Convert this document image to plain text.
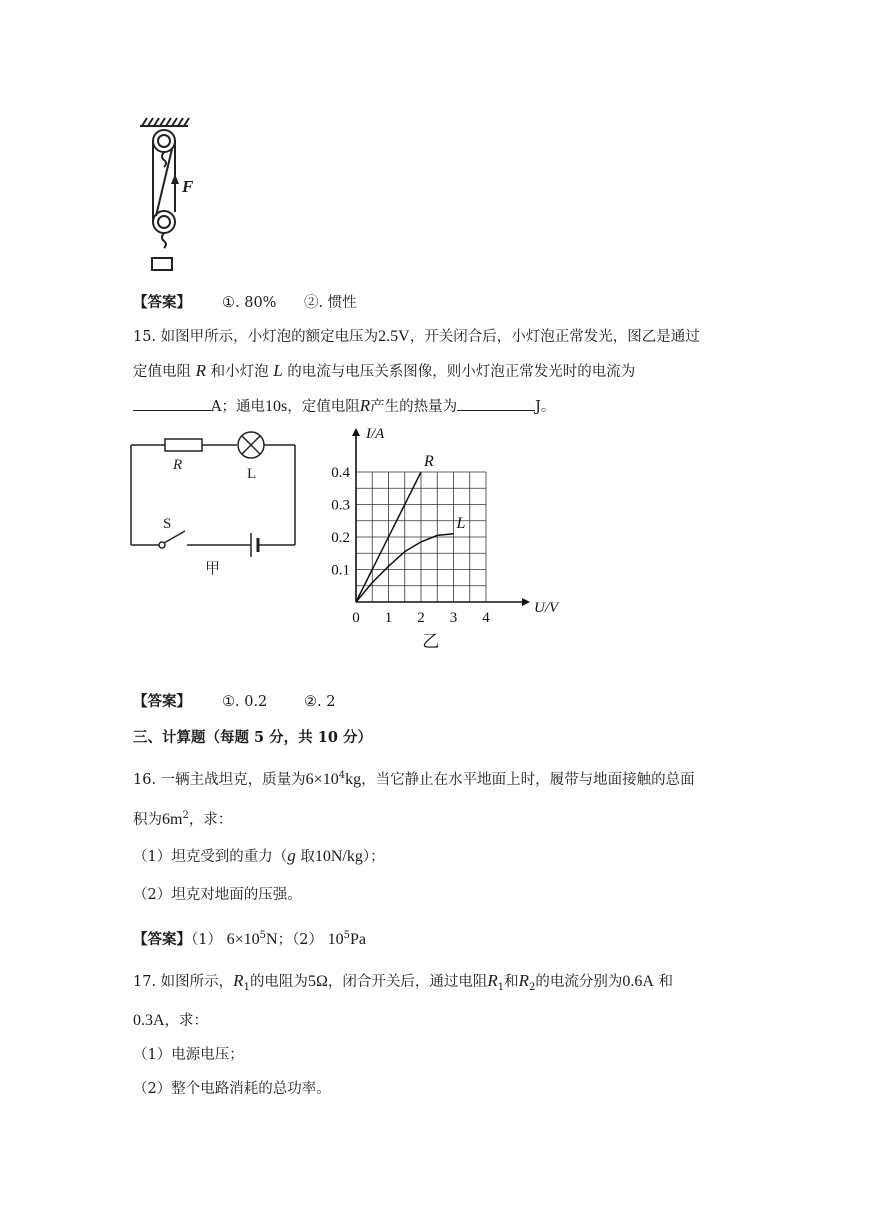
F
【答案】 ①. 80% ②. 惯性
15. 如图甲所示，小灯泡的额定电压为2.5V，开关闭合后，小灯泡正常发光，图乙是通过
定值电阻 R 和小灯泡 L 的电流与电压关系图像，则小灯泡正常发光时的电流为
A；通电10s，定值电阻R产生的热量为	J。
R
L
S
甲
0 1 2 3 4
0.1
0.2
0.3
0.4
U/V
I/A
R
L
乙
【答案】 ①. 0.2	②. 2
三、计算题（每题 5 分，共 10 分）
16. 一辆主战坦克，质量为$6\times 10^4kg$，当它静止在水平地面上时，履带与地面接触的总面
积为$6m^2$，求：
（1）坦克受到的重力（g 取10N/kg）；
（2）坦克对地面的压强。
【答案】（1） $6\times 10^5N$；（2） $10^5Pa$
17. 如图所示，$R_1$的电阻为5Ω，闭合开关后，通过电阻$R_1$和$R_2$的电流分别为0.6A 和
0.3A，求：
（1）电源电压；
（2）整个电路消耗的总功率。
